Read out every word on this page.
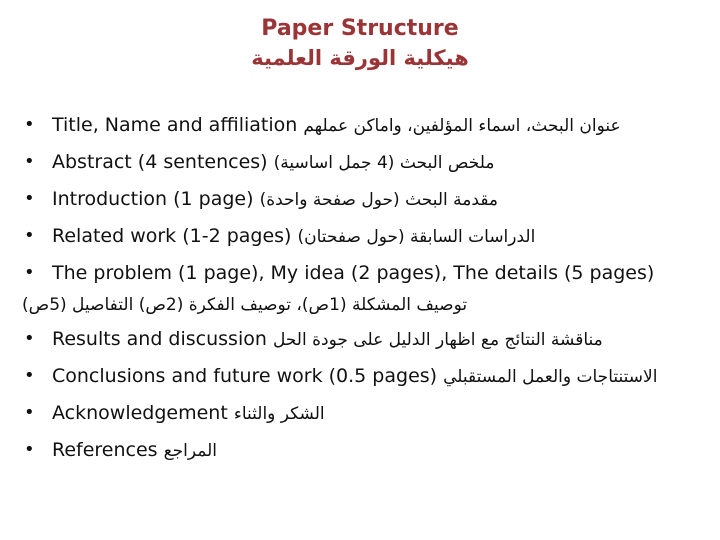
Paper Structure
هيكلية الورقة العلمية
• Title, Name and affiliation عنوان البحث، اسماء المؤلفين، واماكن عملهم
• Abstract (4 sentences) ملخص البحث (4 جمل اساسية)
• Introduction (1 page) مقدمة البحث (حول صفحة واحدة)
• Related work (1-2 pages) الدراسات السابقة (حول صفحتان)
• The problem (1 page), My idea (2 pages), The details (5 pages)
توصيف المشكلة (1ص)، توصيف الفكرة (2ص) التفاصيل (5ص)
• Results and discussion مناقشة النتائج مع اظهار الدليل على جودة الحل
• Conclusions and future work (0.5 pages) الاستنتاجات والعمل المستقبلي
• Acknowledgement الشكر والثناء
• References المراجع
